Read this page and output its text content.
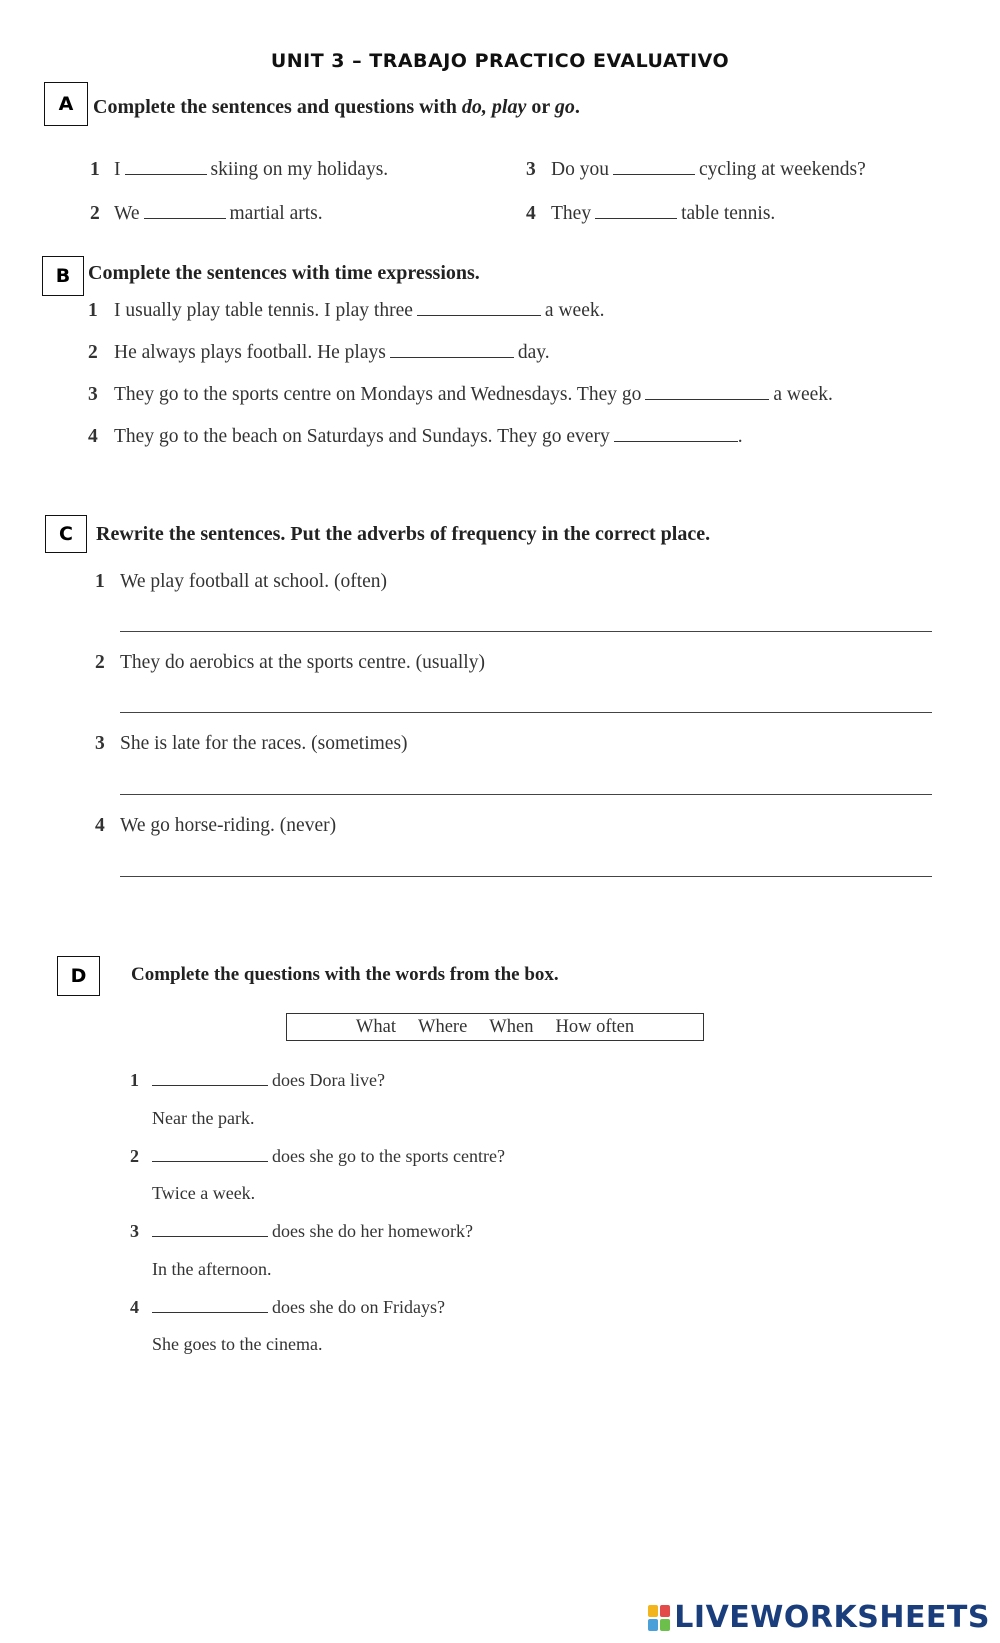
UNIT 3 – TRABAJO PRACTICO EVALUATIVO
A Complete the sentences and questions with do, play or go.
1 I	skiing on my holidays.
2 We	martial arts.
3 Do you	cycling at weekends?
4 They	table tennis.
B Complete the sentences with time expressions.
1 I usually play table tennis. I play three	a week.
2 He always plays football. He plays	day.
3 They go to the sports centre on Mondays and Wednesdays. They go	a week.
4 They go to the beach on Saturdays and Sundays. They go every	.
C	Rewrite the sentences. Put the adverbs of frequency in the correct place.
1 We play football at school. (often)
2 They do aerobics at the sports centre. (usually)
3 She is late for the races. (sometimes)
4 We go horse-riding. (never)
D	Complete the questions with the words from the box.
What Where When How often
1	does Dora live?
Near the park.
2	does she go to the sports centre?
Twice a week.
3	does she do her homework?
In the afternoon.
4	does she do on Fridays?
She goes to the cinema.
LIVEWORKSHEETS
